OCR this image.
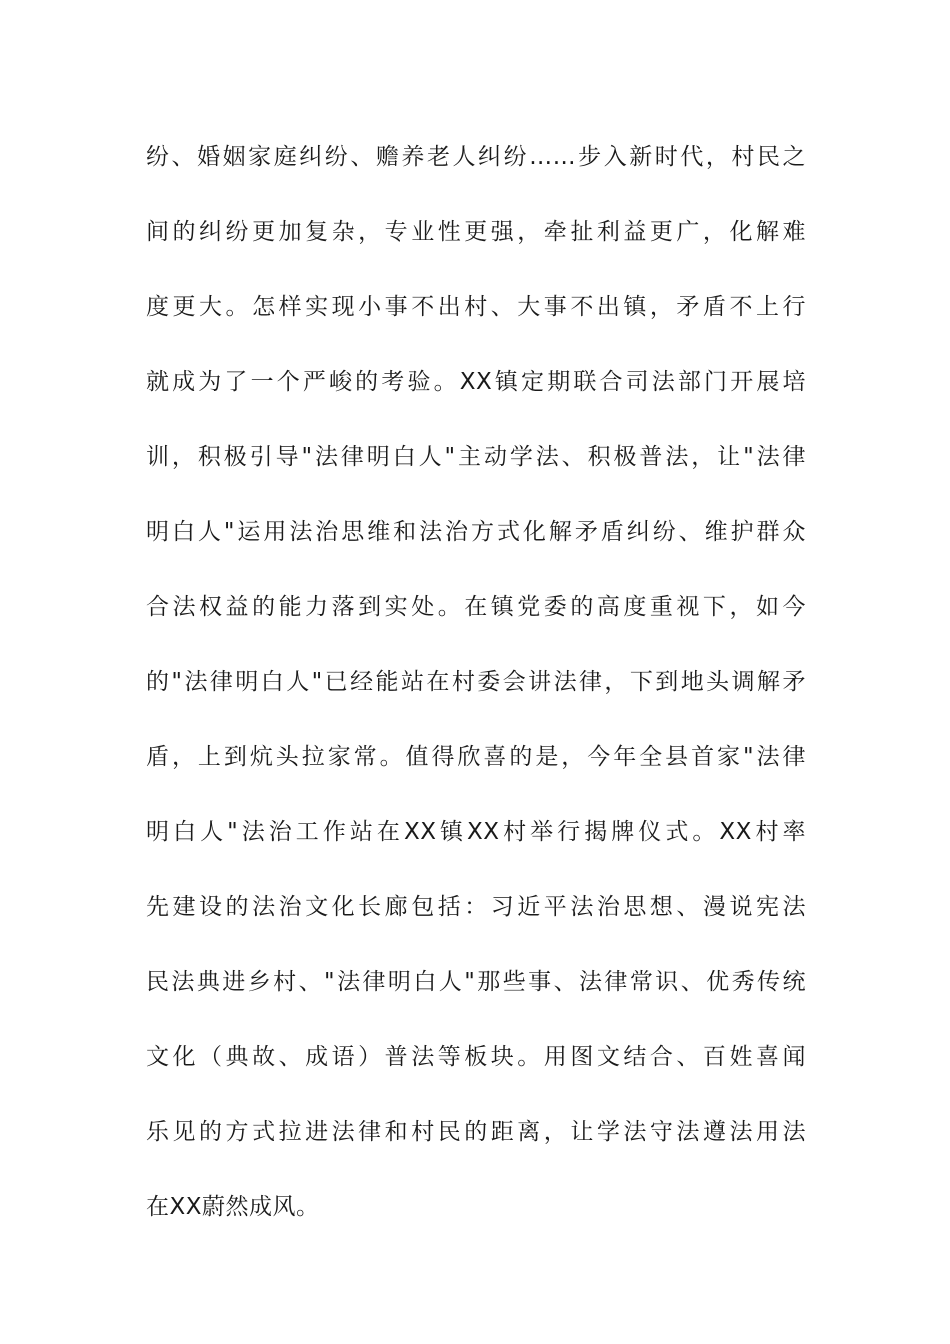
纷、婚姻家庭纠纷、赡养老人纠纷……步入新时代，村民之
间的纠纷更加复杂，专业性更强，牵扯利益更广，化解难
度更大。怎样实现小事不出村、大事不出镇，矛盾不上行
就成为了一个严峻的考验。XX镇定期联合司法部门开展培
训，积极引导"法律明白人"主动学法、积极普法，让"法律
明白人"运用法治思维和法治方式化解矛盾纠纷、维护群众
合法权益的能力落到实处。在镇党委的高度重视下，如今
的"法律明白人"已经能站在村委会讲法律，下到地头调解矛
盾，上到炕头拉家常。值得欣喜的是，今年全县首家"法律
明白人"法治工作站在XX镇XX村举行揭牌仪式。XX村率
先建设的法治文化长廊包括：习近平法治思想、漫说宪法
民法典进乡村、"法律明白人"那些事、法律常识、优秀传统
文化（典故、成语）普法等板块。用图文结合、百姓喜闻
乐见的方式拉进法律和村民的距离，让学法守法遵法用法
在XX蔚然成风。
